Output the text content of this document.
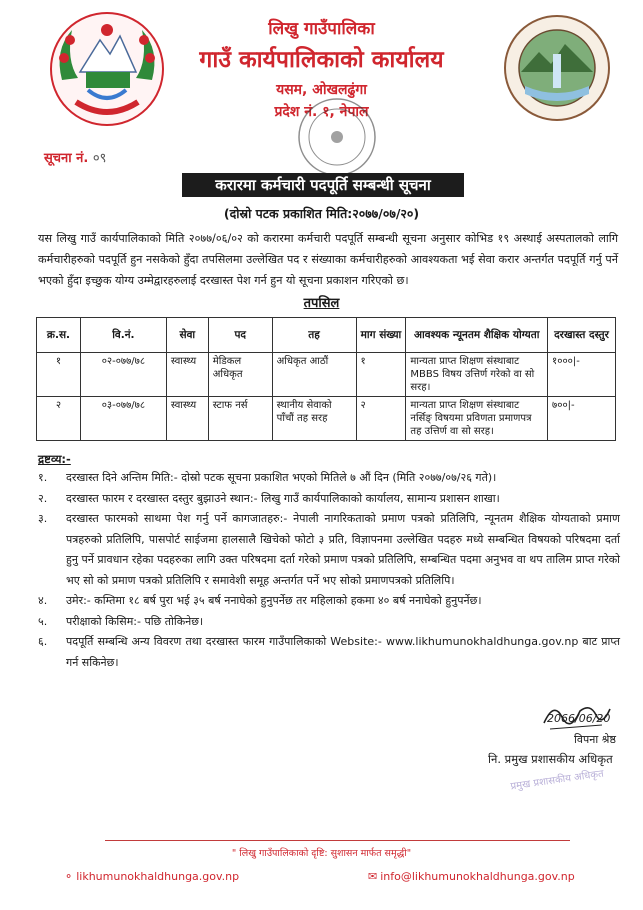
लिखु गाउँपालिका
गाउँ कार्यपालिकाको कार्यालय
यसम, ओखलढुंगा
प्रदेश नं. १, नेपाल
सूचना नं. ०९
करारमा कर्मचारी पदपूर्ति सम्बन्धी सूचना
(दोस्रो पटक प्रकाशित मिति:२०७७/०७/२०)
यस लिखु गाउँ कार्यपालिकाको मिति २०७७/०६/०२ को करारमा कर्मचारी पदपूर्ति सम्बन्धी सूचना अनुसार कोभिड १९ अस्थाई अस्पतालको लागि कर्मचारीहरुको पदपूर्ति हुन नसकेको हुँदा तपसिलमा उल्लेखित पद र संख्याका कर्मचारीहरुको आवश्यकता भई सेवा करार अन्तर्गत पदपूर्ति गर्नु पर्ने भएको हुँदा इच्छुक योग्य उम्मेद्वारहरुलाई दरखास्त पेश गर्न हुन यो सूचना प्रकाशन गरिएको छ।
तपसिल
क्र.स.	वि.नं.	सेवा	पद	तह	माग संख्या	आवश्यक न्यूनतम शैक्षिक योग्यता	दरखास्त दस्तुर
१	०२-०७७/७८	स्वास्थ्य	मेडिकल अधिकृत	अधिकृत आठौं	१	मान्यता प्राप्त शिक्षण संस्थाबाट MBBS विषय उत्तिर्ण गरेको वा सो सरह।	१०००|-
२	०३-०७७/७८	स्वास्थ्य	स्टाफ नर्स	स्थानीय सेवाको पाँचौं तह सरह	२	मान्यता प्राप्त शिक्षण संस्थाबाट नर्सिङ् विषयमा प्रविणता प्रमाणपत्र तह उत्तिर्ण वा सो सरह।	७००|-
द्रष्टव्य:-
१.	दरखास्त दिने अन्तिम मिति:- दोस्रो पटक सूचना प्रकाशित भएको मितिले ७ औं दिन (मिति २०७७/०७/२६ गते)।
२.	दरखास्त फारम र दरखास्त दस्तुर बुझाउने स्थान:- लिखु गाउँ कार्यपालिकाको कार्यालय, सामान्य प्रशासन शाखा।
३.	दरखास्त फारमको साथमा पेश गर्नु पर्ने कागजातहरु:- नेपाली नागरिकताको प्रमाण पत्रको प्रतिलिपि, न्यूनतम शैक्षिक योग्यताको प्रमाण पत्रहरुको प्रतिलिपि, पासपोर्ट साईजमा हालसालै खिचेको फोटो ३ प्रति, विज्ञापनमा उल्लेखित पदहरु मध्ये सम्बन्धित विषयको परिषदमा दर्ता हुनु पर्ने प्रावधान रहेका पदहरुका लागि उक्त परिषदमा दर्ता गरेको प्रमाण पत्रको प्रतिलिपि, सम्बन्धित पदमा अनुभव वा थप तालिम प्राप्त गरेको भए सो को प्रमाण पत्रको प्रतिलिपि र समावेशी समूह अन्तर्गत पर्ने भए सोको प्रमाणपत्रको प्रतिलिपि।
४.	उमेर:- कम्तिमा १८ बर्ष पुरा भई ३५ बर्ष ननाघेको हुनुपर्नेछ तर महिलाको हकमा ४० बर्ष ननाघेको हुनुपर्नेछ।
५.	परीक्षाको किसिम:- पछि तोकिनेछ।
६.	पदपूर्ति सम्बन्धि अन्य विवरण तथा दरखास्त फारम गाउँपालिकाको Website:- www.likhumunokhaldhunga.gov.np बाट प्राप्त गर्न सकिनेछ।
2066/06/20
विपना श्रेष्ठ
नि. प्रमुख प्रशासकीय अधिकृत
प्रमुख प्रशासकीय अधिकृत
" लिखु गाउँपालिकाको दृष्टि: सुशासन मार्फत समृद्धी"
⚬ likhumunokhaldhunga.gov.np	✉ info@likhumunokhaldhunga.gov.np
